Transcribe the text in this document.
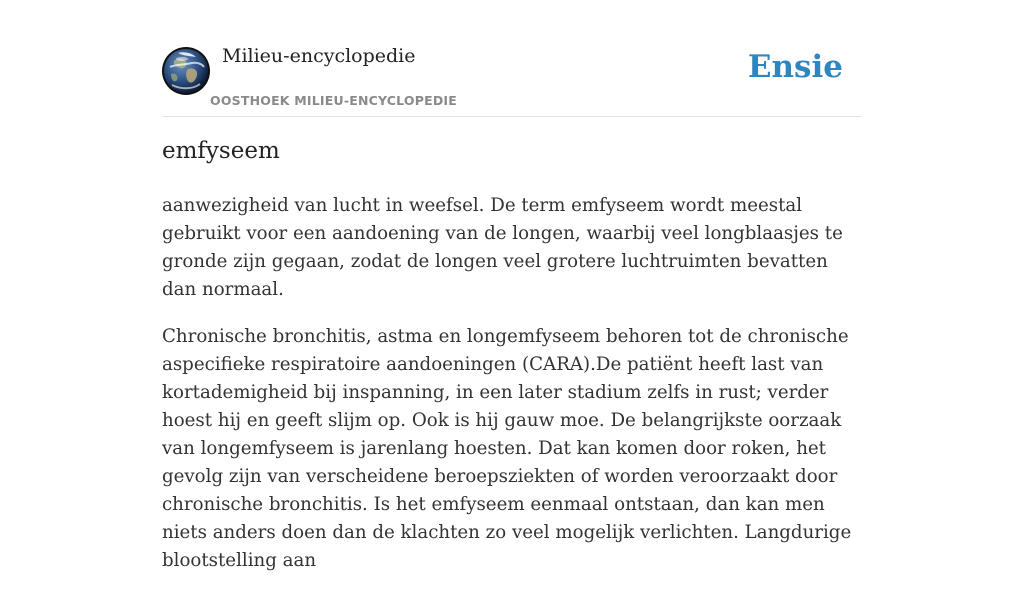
Milieu-encyclopedie
OOSTHOEK MILIEU-ENCYCLOPEDIE
Ensie
emfyseem

aanwezigheid van lucht in weefsel. De term emfyseem wordt meestal gebruikt voor een aandoening van de longen, waarbij veel longblaasjes te gronde zijn gegaan, zodat de longen veel grotere luchtruimten bevatten dan normaal.

Chronische bronchitis, astma en longemfyseem behoren tot de chronische aspecifieke respiratoire aandoeningen (CARA).De patiënt heeft last van kortademigheid bij inspanning, in een later stadium zelfs in rust; verder hoest hij en geeft slijm op. Ook is hij gauw moe. De belangrijkste oorzaak van longemfyseem is jarenlang hoesten. Dat kan komen door roken, het gevolg zijn van verscheidene beroepsziekten of worden veroorzaakt door chronische bronchitis. Is het emfyseem eenmaal ontstaan, dan kan men niets anders doen dan de klachten zo veel mogelijk verlichten. Langdurige blootstelling aan
